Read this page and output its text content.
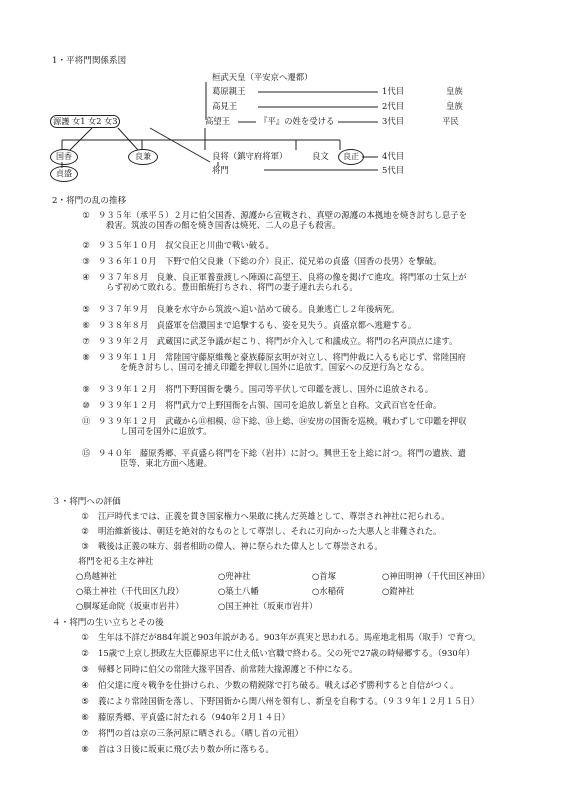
1・平将門関係系図
桓武天皇（平安京へ遷都）
葛原親王	1代目	皇族
高見王	2代目	皇族
高望王	『平』の姓を受ける	3代目	平民
源護 女1 女2 女3
国香
貞盛
良兼	良将（鎮守府将軍）	良文	良正	4代目
将門	5代目
2・将門の乱の推移
① ９３５年（承平５）２月に伯父国香、源護から宣戦され、真壁の源護の本拠地を焼き討ちし息子を
殺害。筑波の国香の館を焼き国香は焼死、二人の息子も殺害。
② ９３５年１０月　叔父良正と川曲で戦い破る。
③ ９３６年１０月　下野で伯父良兼（下総の介）良正、従兄弟の貞盛（国香の長男）を撃破。
④ ９３７年８月　良兼、良正軍養蚕渡しへ陣頭に高望王、良将の像を掲げて進攻。将門軍の士気上が
らず初めて敗れる。豊田館焼打ちされ、将門の妻子連れ去られる。
⑤ ９３７年９月　良兼を水守から筑波へ追い詰めて破る。良兼逃亡し２年後病死。
⑥ ９３８年８月　貞盛軍を信濃国まで追撃するも、姿を見失う。貞盛京都へ逃避する。
⑦ ９３９年２月　武蔵国に武芝争議が起こり、将門が介入して和議成立。将門の名声頂点に達す。
⑧ ９３９年１１月　常陸国守藤原維幾と豪族藤原玄明が対立し、将門仲裁に入るも応じず、常陸国府
を焼き討ちし、国司を捕え印鑑を押収し国外に追放す。国家への反逆行為となる。
⑨ ９３９年１２月　将門下野国衙を襲う。国司等平伏して印鑑を渡し、国外に追放される。
⑩ ９３９年１２月　将門武力で上野国衙を占領、国司を追放し新皇と自称。文武百官を任命。
⑪ ９３９年１２月　武蔵から⑪相模、⑫下総、⑬上総、⑭安房の国衙を巡検。戦わずして印鑑を押収
し国司を国外に追放す。
⑮ ９４０年　藤原秀郷、平貞盛ら将門を下総（岩井）に討つ。興世王を上総に討つ。将門の遺族、遺
臣等、東北方面へ逃避。
３・将門への評価
①	江戸時代までは、正義を貫き国家権力へ果敢に挑んだ英雄として、尊崇され神社に祀られる。
②	明治維新後は、朝廷を絶対的なものとして尊崇し、それに刃向かった大悪人と非難された。
③	戦後は正義の味方、弱者相助の偉人、神に祭られた偉人として尊崇される。
将門を祀る主な神社
○鳥越神社	○兜神社	○首塚	○神田明神（千代田区神田）
○築土神社（千代田区九段）	○築土八幡	○水稲荷	○鎧神社
○胴塚延命院（坂東市岩井）	○国王神社（坂東市岩井）
４・将門の生い立ちとその後
①	生年は不詳だが884年説と903年説がある。903年が真実と思われる。馬産地北相馬（取手）で育つ。
②	15歳で上京し摂政左大臣藤原忠平に仕え低い官職で終わる。父の死で27歳の時帰郷する。（930年）
③	帰郷と同時に伯父の常陸大掾平国香、前常陸大掾源護と不仲になる。
④	伯父達に度々戦争を仕掛けられ、少数の精鋭隊で打ち破る。戦えば必ず勝利すると自信がつく。
⑤	義により常陸国衙を落し、下野国衙から関八州を領有し、新皇を自称する。（９３９年１２月１５日）
⑥	藤原秀郷、平貞盛に討たれる（940年２月１４日）
⑦	将門の首は京の三条河原に晒される。（晒し首の元祖）
⑧	首は３日後に坂東に飛び去り数か所に落ちる。
